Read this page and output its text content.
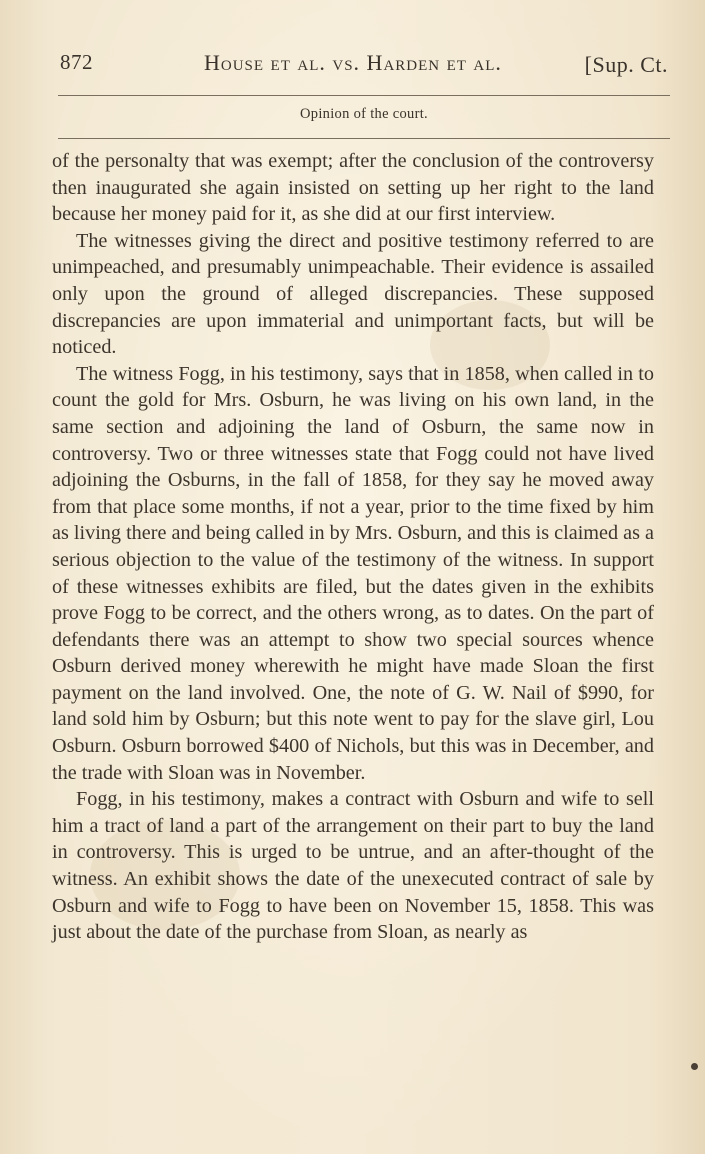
872	House et al. vs. Harden et al.	[Sup. Ct.
Opinion of the court.

of the personalty that was exempt; after the conclusion of the controversy then inaugurated she again insisted on setting up her right to the land because her money paid for it, as she did at our first interview.

The witnesses giving the direct and positive testimony referred to are unimpeached, and presumably unimpeachable. Their evidence is assailed only upon the ground of alleged discrepancies. These supposed discrepancies are upon immaterial and unimportant facts, but will be noticed.

The witness Fogg, in his testimony, says that in 1858, when called in to count the gold for Mrs. Osburn, he was living on his own land, in the same section and adjoining the land of Osburn, the same now in controversy. Two or three witnesses state that Fogg could not have lived adjoining the Osburns, in the fall of 1858, for they say he moved away from that place some months, if not a year, prior to the time fixed by him as living there and being called in by Mrs. Osburn, and this is claimed as a serious objection to the value of the testimony of the witness. In support of these witnesses exhibits are filed, but the dates given in the exhibits prove Fogg to be correct, and the others wrong, as to dates. On the part of defendants there was an attempt to show two special sources whence Osburn derived money wherewith he might have made Sloan the first payment on the land involved. One, the note of G. W. Nail of $990, for land sold him by Osburn; but this note went to pay for the slave girl, Lou Osburn. Osburn borrowed $400 of Nichols, but this was in December, and the trade with Sloan was in November.

Fogg, in his testimony, makes a contract with Osburn and wife to sell him a tract of land a part of the arrangement on their part to buy the land in controversy. This is urged to be untrue, and an after-thought of the witness. An exhibit shows the date of the unexecuted contract of sale by Osburn and wife to Fogg to have been on November 15, 1858. This was just about the date of the purchase from Sloan, as nearly as
